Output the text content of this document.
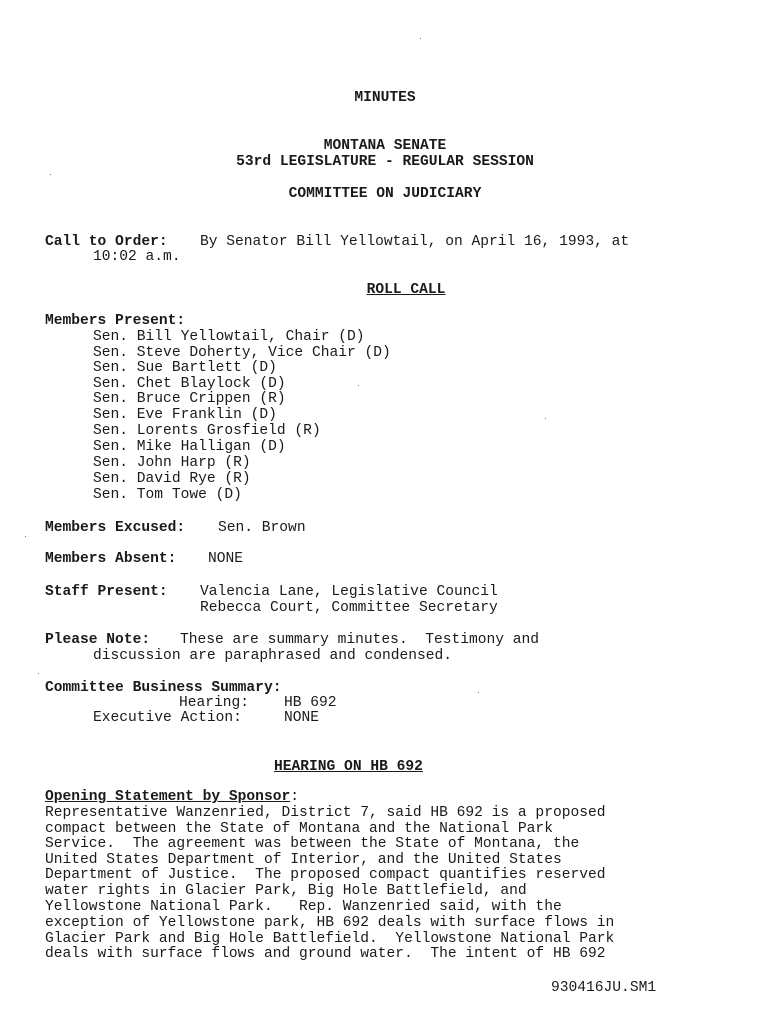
MINUTES
MONTANA SENATE
53rd LEGISLATURE - REGULAR SESSION
COMMITTEE ON JUDICIARY
Call to Order: By Senator Bill Yellowtail, on April 16, 1993, at
10:02 a.m.
ROLL CALL
Members Present:
Sen. Bill Yellowtail, Chair (D)
Sen. Steve Doherty, Vice Chair (D)
Sen. Sue Bartlett (D)
Sen. Chet Blaylock (D)
Sen. Bruce Crippen (R)
Sen. Eve Franklin (D)
Sen. Lorents Grosfield (R)
Sen. Mike Halligan (D)
Sen. John Harp (R)
Sen. David Rye (R)
Sen. Tom Towe (D)
Members Excused: Sen. Brown
Members Absent: NONE
Staff Present: Valencia Lane, Legislative Council
Rebecca Court, Committee Secretary
Please Note: These are summary minutes.  Testimony and
discussion are paraphrased and condensed.
Committee Business Summary:
Hearing: HB 692
Executive Action:	NONE
HEARING ON HB 692
Opening Statement by Sponsor:
Representative Wanzenried, District 7, said HB 692 is a proposed
compact between the State of Montana and the National Park
Service.  The agreement was between the State of Montana, the
United States Department of Interior, and the United States
Department of Justice.  The proposed compact quantifies reserved
water rights in Glacier Park, Big Hole Battlefield, and
Yellowstone National Park.   Rep. Wanzenried said, with the
exception of Yellowstone park, HB 692 deals with surface flows in
Glacier Park and Big Hole Battlefield.  Yellowstone National Park
deals with surface flows and ground water.  The intent of HB 692
930416JU.SM1
